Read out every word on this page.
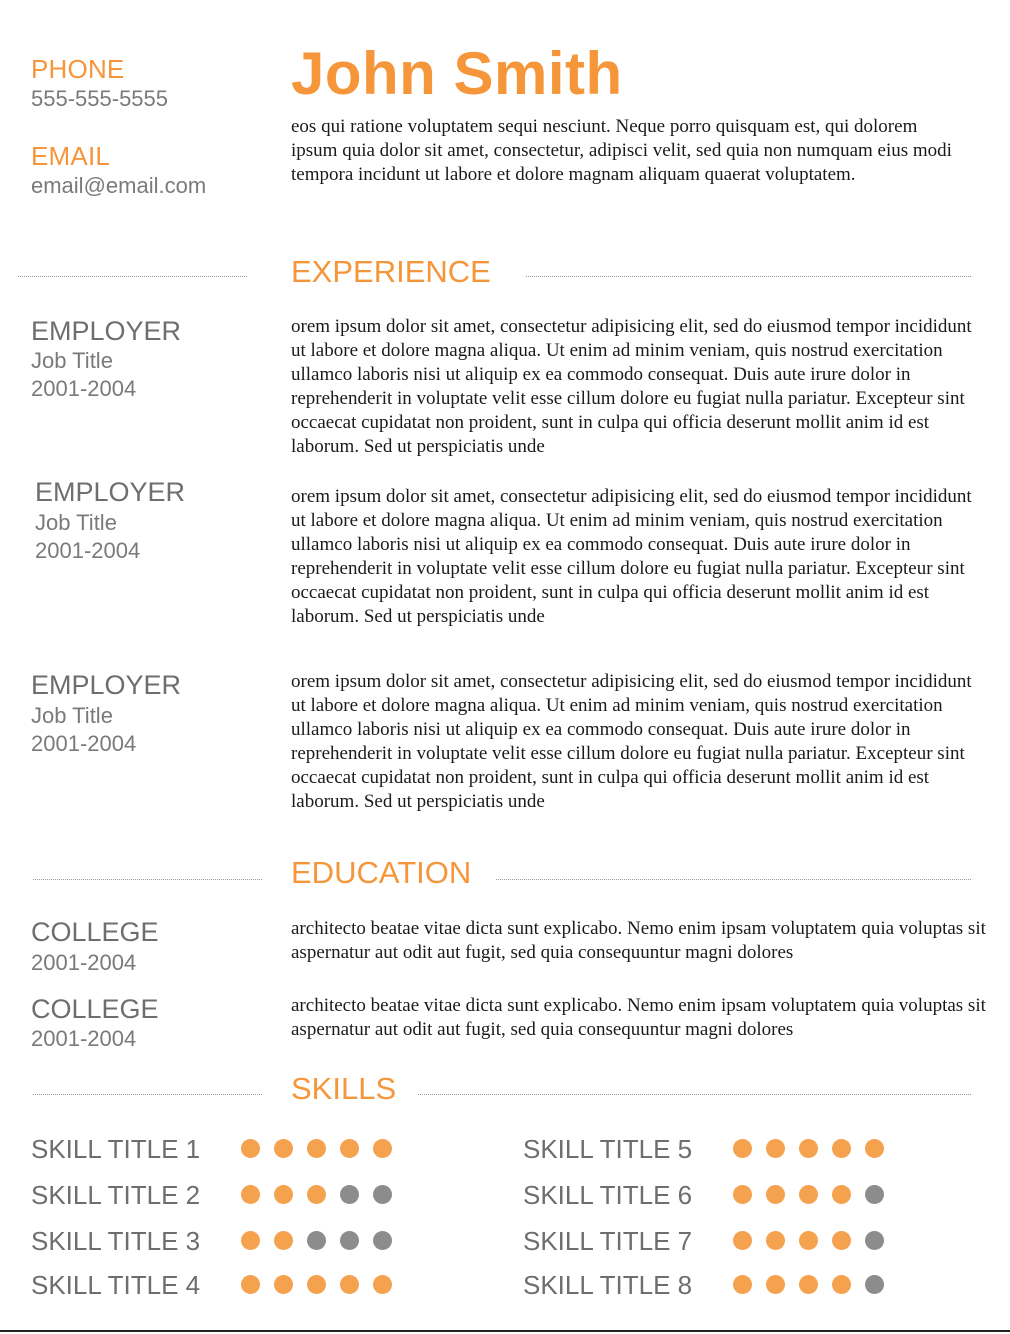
PHONE
555-555-5555
EMAIL
email@email.com
John Smith
eos qui ratione voluptatem sequi nesciunt. Neque porro quisquam est, qui dolorem ipsum quia dolor sit amet, consectetur, adipisci velit, sed quia non numquam eius modi tempora incidunt ut labore et dolore magnam aliquam quaerat voluptatem.
EXPERIENCE
EMPLOYER
Job Title
2001-2004
orem ipsum dolor sit amet, consectetur adipisicing elit, sed do eiusmod tempor incididunt ut labore et dolore magna aliqua. Ut enim ad minim veniam, quis nostrud exercitation ullamco laboris nisi ut aliquip ex ea commodo consequat. Duis aute irure dolor in reprehenderit in voluptate velit esse cillum dolore eu fugiat nulla pariatur. Excepteur sint occaecat cupidatat non proident, sunt in culpa qui officia deserunt mollit anim id est laborum. Sed ut perspiciatis unde
EMPLOYER
Job Title
2001-2004
orem ipsum dolor sit amet, consectetur adipisicing elit, sed do eiusmod tempor incididunt ut labore et dolore magna aliqua. Ut enim ad minim veniam, quis nostrud exercitation ullamco laboris nisi ut aliquip ex ea commodo consequat. Duis aute irure dolor in reprehenderit in voluptate velit esse cillum dolore eu fugiat nulla pariatur. Excepteur sint occaecat cupidatat non proident, sunt in culpa qui officia deserunt mollit anim id est laborum. Sed ut perspiciatis unde
EMPLOYER
Job Title
2001-2004
orem ipsum dolor sit amet, consectetur adipisicing elit, sed do eiusmod tempor incididunt ut labore et dolore magna aliqua. Ut enim ad minim veniam, quis nostrud exercitation ullamco laboris nisi ut aliquip ex ea commodo consequat. Duis aute irure dolor in reprehenderit in voluptate velit esse cillum dolore eu fugiat nulla pariatur. Excepteur sint occaecat cupidatat non proident, sunt in culpa qui officia deserunt mollit anim id est laborum. Sed ut perspiciatis unde
EDUCATION
COLLEGE
2001-2004
architecto beatae vitae dicta sunt explicabo. Nemo enim ipsam voluptatem quia voluptas sit aspernatur aut odit aut fugit, sed quia consequuntur magni dolores
COLLEGE
2001-2004
architecto beatae vitae dicta sunt explicabo. Nemo enim ipsam voluptatem quia voluptas sit aspernatur aut odit aut fugit, sed quia consequuntur magni dolores
SKILLS
SKILL TITLE 1
SKILL TITLE 2
SKILL TITLE 3
SKILL TITLE 4
SKILL TITLE 5
SKILL TITLE 6
SKILL TITLE 7
SKILL TITLE 8
